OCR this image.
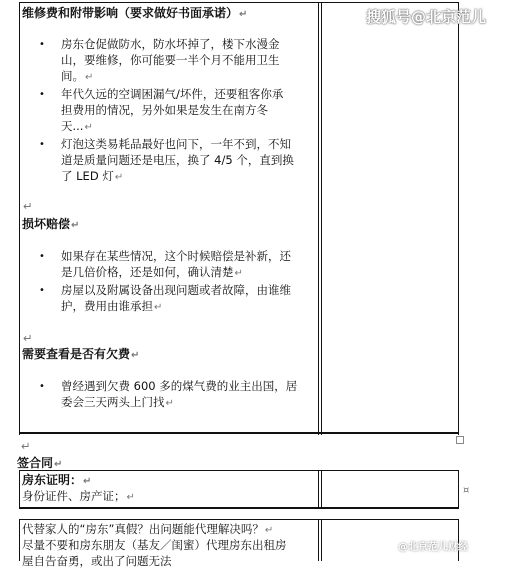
搜狐号@北京范儿
维修费和附带影响（要求做好书面承诺）↵
• 房东仓促做防水，防水坏掉了，楼下水漫金
山，要维修，你可能要一半个月不能用卫生
间。↵
• 年代久远的空调困漏气/坏件，还要租客你承
担费用的情况，另外如果是发生在南方冬
天...↵
• 灯泡这类易耗品最好也问下，一年不到，不知
道是质量问题还是电压，换了 4/5 个，直到换
了 LED 灯↵
↵
损坏赔偿↵
• 如果存在某些情况，这个时候赔偿是补新，还
是几倍价格，还是如何，确认清楚↵
• 房屋以及附属设备出现问题或者故障，由谁维
护，费用由谁承担↵
↵
需要查看是否有欠费↵
• 曾经遇到欠费 600 多的煤气费的业主出国，居
委会三天两头上门找↵
↵
签合同↵
¤
房东证明：↵
身份证件、房产证；↵
代替家人的“房东”真假？出问题能代理解决吗？↵
尽量不要和房东朋友（基友／闺蜜）代理房东出租房
屋自告奋勇，或出了问题无法
@北京范儿财经
